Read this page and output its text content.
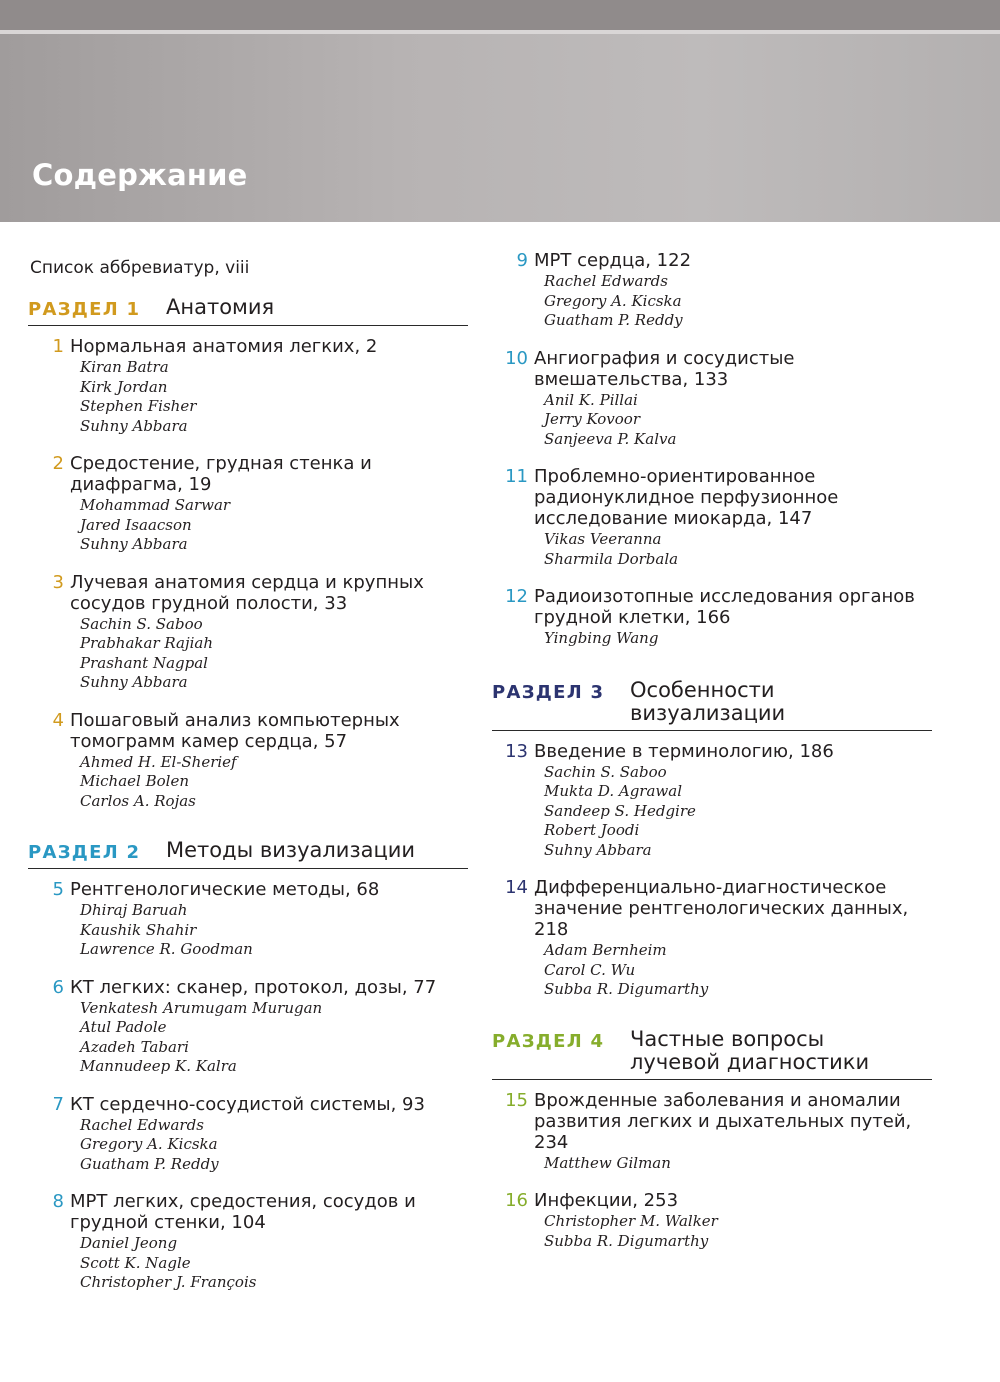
Содержание
Список аббревиатур, viii
РАЗДЕЛ 1	Анатомия
1 Нормальная анатомия легких, 2
Kiran Batra
Kirk Jordan
Stephen Fisher
Suhny Abbara
2 Средостение, грудная стенка и диафрагма, 19
Mohammad Sarwar
Jared Isaacson
Suhny Abbara
3 Лучевая анатомия сердца и крупных сосудов грудной полости, 33
Sachin S. Saboo
Prabhakar Rajiah
Prashant Nagpal
Suhny Abbara
4 Пошаговый анализ компьютерных томограмм камер сердца, 57
Ahmed H. El-Sherief
Michael Bolen
Carlos A. Rojas
РАЗДЕЛ 2	Методы визуализации
5 Рентгенологические методы, 68
Dhiraj Baruah
Kaushik Shahir
Lawrence R. Goodman
6 КТ легких: сканер, протокол, дозы, 77
Venkatesh Arumugam Murugan
Atul Padole
Azadeh Tabari
Mannudeep K. Kalra
7 КТ сердечно-сосудистой системы, 93
Rachel Edwards
Gregory A. Kicska
Guatham P. Reddy
8 МРТ легких, средостения, сосудов и грудной стенки, 104
Daniel Jeong
Scott K. Nagle
Christopher J. François
9 МРТ сердца, 122
Rachel Edwards
Gregory A. Kicska
Guatham P. Reddy
10 Ангиография и сосудистые вмешательства, 133
Anil K. Pillai
Jerry Kovoor
Sanjeeva P. Kalva
11 Проблемно-ориентированное радионуклидное перфузионное исследование миокарда, 147
Vikas Veeranna
Sharmila Dorbala
12 Радиоизотопные исследования органов грудной клетки, 166
Yingbing Wang
РАЗДЕЛ 3	Особенности визуализации
13 Введение в терминологию, 186
Sachin S. Saboo
Mukta D. Agrawal
Sandeep S. Hedgire
Robert Joodi
Suhny Abbara
14 Дифференциально-диагностическое значение рентгенологических данных, 218
Adam Bernheim
Carol C. Wu
Subba R. Digumarthy
РАЗДЕЛ 4	Частные вопросы лучевой диагностики
15 Врожденные заболевания и аномалии развития легких и дыхательных путей, 234
Matthew Gilman
16 Инфекции, 253
Christopher M. Walker
Subba R. Digumarthy
